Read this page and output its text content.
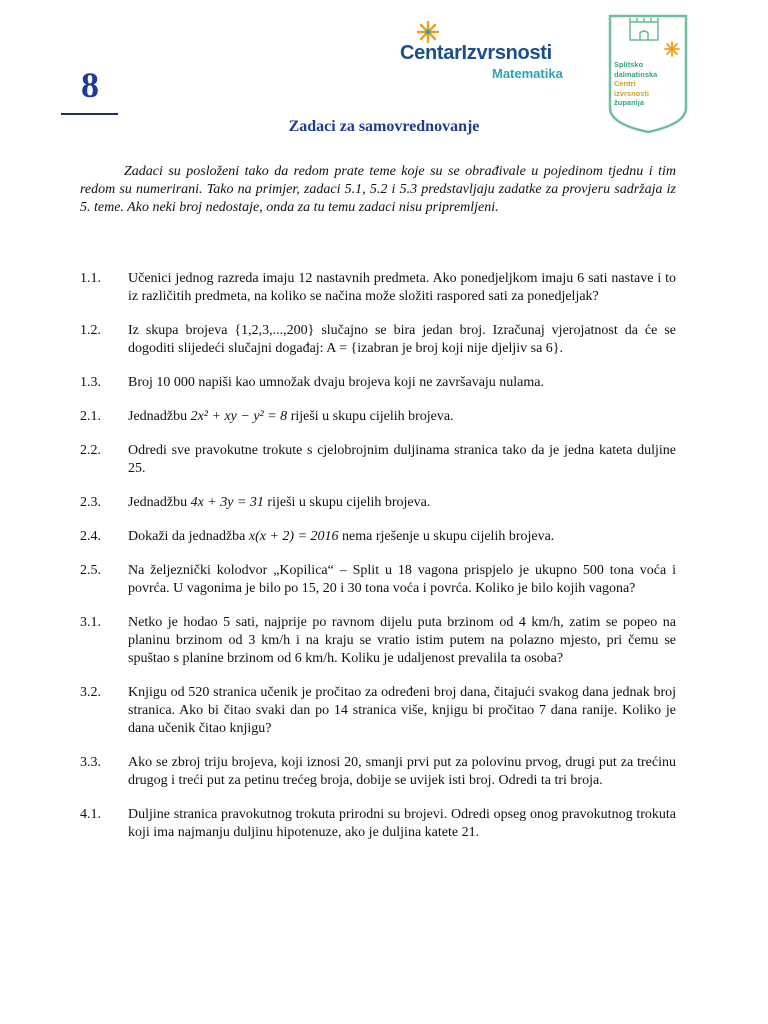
8
CentarIzvrsnosti
Matematika
Splitsko
dalmatinska
Centri
izvrsnosti
županija
Zadaci za samovrednovanje
Zadaci su posloženi tako da redom prate teme koje su se obrađivale u pojedinom tjednu i tim redom su numerirani. Tako na primjer, zadaci 5.1, 5.2 i 5.3 predstavljaju zadatke za provjeru sadržaja iz 5. teme. Ako neki broj nedostaje, onda za tu temu zadaci nisu pripremljeni.
1.1.	Učenici jednog razreda imaju 12 nastavnih predmeta. Ako ponedjeljkom imaju 6 sati nastave i to iz različitih predmeta, na koliko se načina može složiti raspored sati za ponedjeljak?
1.2.	Iz skupa brojeva {1,2,3,...,200} slučajno se bira jedan broj. Izračunaj vjerojatnost da će se dogoditi slijedeći slučajni događaj: A = {izabran je broj koji nije djeljiv sa 6}.
1.3.	Broj 10 000 napiši kao umnožak dvaju brojeva koji ne završavaju nulama.
2.1.	Jednadžbu 2x² + xy − y² = 8 riješi u skupu cijelih brojeva.
2.2.	Odredi sve pravokutne trokute s cjelobrojnim duljinama stranica tako da je jedna kateta duljine 25.
2.3.	Jednadžbu 4x + 3y = 31 riješi u skupu cijelih brojeva.
2.4.	Dokaži da jednadžba x(x + 2) = 2016 nema rješenje u skupu cijelih brojeva.
2.5.	Na željeznički kolodvor „Kopilica“ – Split u 18 vagona prispjelo je ukupno 500 tona voća i povrća. U vagonima je bilo po 15, 20 i 30 tona voća i povrća. Koliko je bilo kojih vagona?
3.1.	Netko je hodao 5 sati, najprije po ravnom dijelu puta brzinom od 4 km/h, zatim se popeo na planinu brzinom od 3 km/h i na kraju se vratio istim putem na polazno mjesto, pri čemu se spuštao s planine brzinom od 6 km/h. Koliku je udaljenost prevalila ta osoba?
3.2.	Knjigu od 520 stranica učenik je pročitao za određeni broj dana, čitajući svakog dana jednak broj stranica. Ako bi čitao svaki dan po 14 stranica više, knjigu bi pročitao 7 dana ranije. Koliko je dana učenik čitao knjigu?
3.3.	Ako se zbroj triju brojeva, koji iznosi 20, smanji prvi put za polovinu prvog, drugi put za trećinu drugog i treći put za petinu trećeg broja, dobije se uvijek isti broj. Odredi ta tri broja.
4.1.	Duljine stranica pravokutnog trokuta prirodni su brojevi. Odredi opseg onog pravokutnog trokuta koji ima najmanju duljinu hipotenuze, ako je duljina katete 21.
